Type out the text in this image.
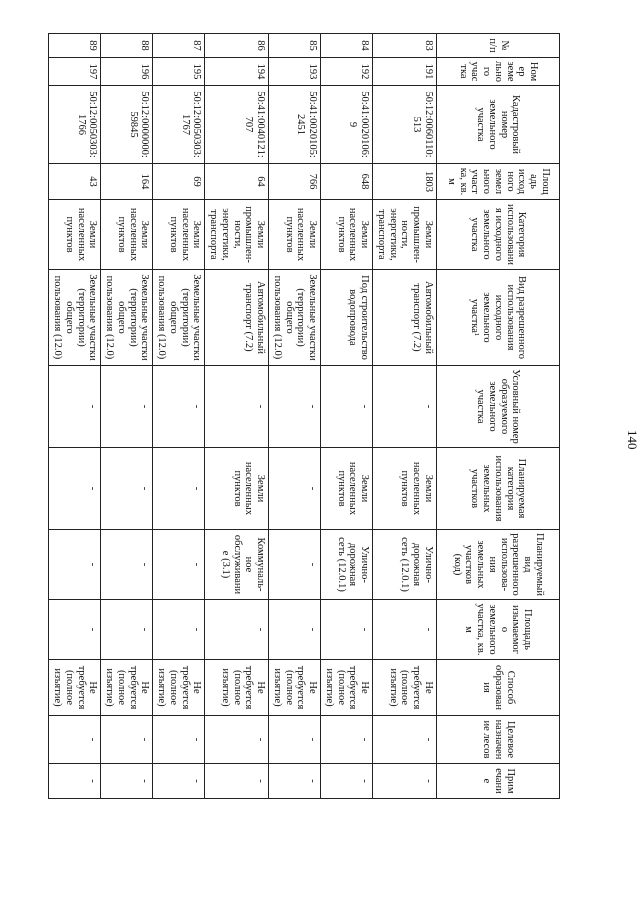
140
№ п/п	Номер земельного участка	Кадастровый номер земельного участка	Площадь исходного земельного участка, кв. м	Категория использования исходного земельного участка	Вид разрешенного использования исходного земельного участка¹	Условный номер образуемого земельного участка	Планируемая категория использования земельных участков	Планируемый вид разрешенного использова-ния земельных участков (код)	Площадь изымаемого земельного участка, кв. м	Способ образования	Целевое назначение лесов	Примечание
83	191	50:12:0060110:513	1803	Земли промышлен-ности, энергетики, транспорта	Автомобильный транспорт (7.2)	-	Земли населенных пунктов	Улично-дорожная сеть (12.0.1)	-	Не требуется (полное изъятие)	-	-
84	192	50:41:0020106:9	648	Земли населенных пунктов	Под строительство водопровода	-	Земли населенных пунктов	Улично-дорожная сеть (12.0.1)	-	Не требуется (полное изъятие)	-	-
85	193	50:41:0020105:2451	766	Земли населенных пунктов	Земельные участки (территории) общего пользования (12.0)	-	-	-	-	Не требуется (полное изъятие)	-	-
86	194	50:41:0040121:707	64	Земли промышлен-ности, энергетики, транспорта	Автомобильный транспорт (7.2)	-	Земли населенных пунктов	Коммуналь-ное обслуживание (3.1)	-	Не требуется (полное изъятие)	-	-
87	195	50:12:0050303:1767	69	Земли населенных пунктов	Земельные участки (территории) общего пользования (12.0)	-	-	-	-	Не требуется (полное изъятие)	-	-
88	196	50:12:0000000:59845	164	Земли населенных пунктов	Земельные участки (территории) общего пользования (12.0)	-	-	-	-	Не требуется (полное изъятие)	-	-
89	197	50:12:0050303:1766	43	Земли населенных пунктов	Земельные участки (территории) общего пользования (12.0)	-	-	-	-	Не требуется (полное изъятие)	-	-
